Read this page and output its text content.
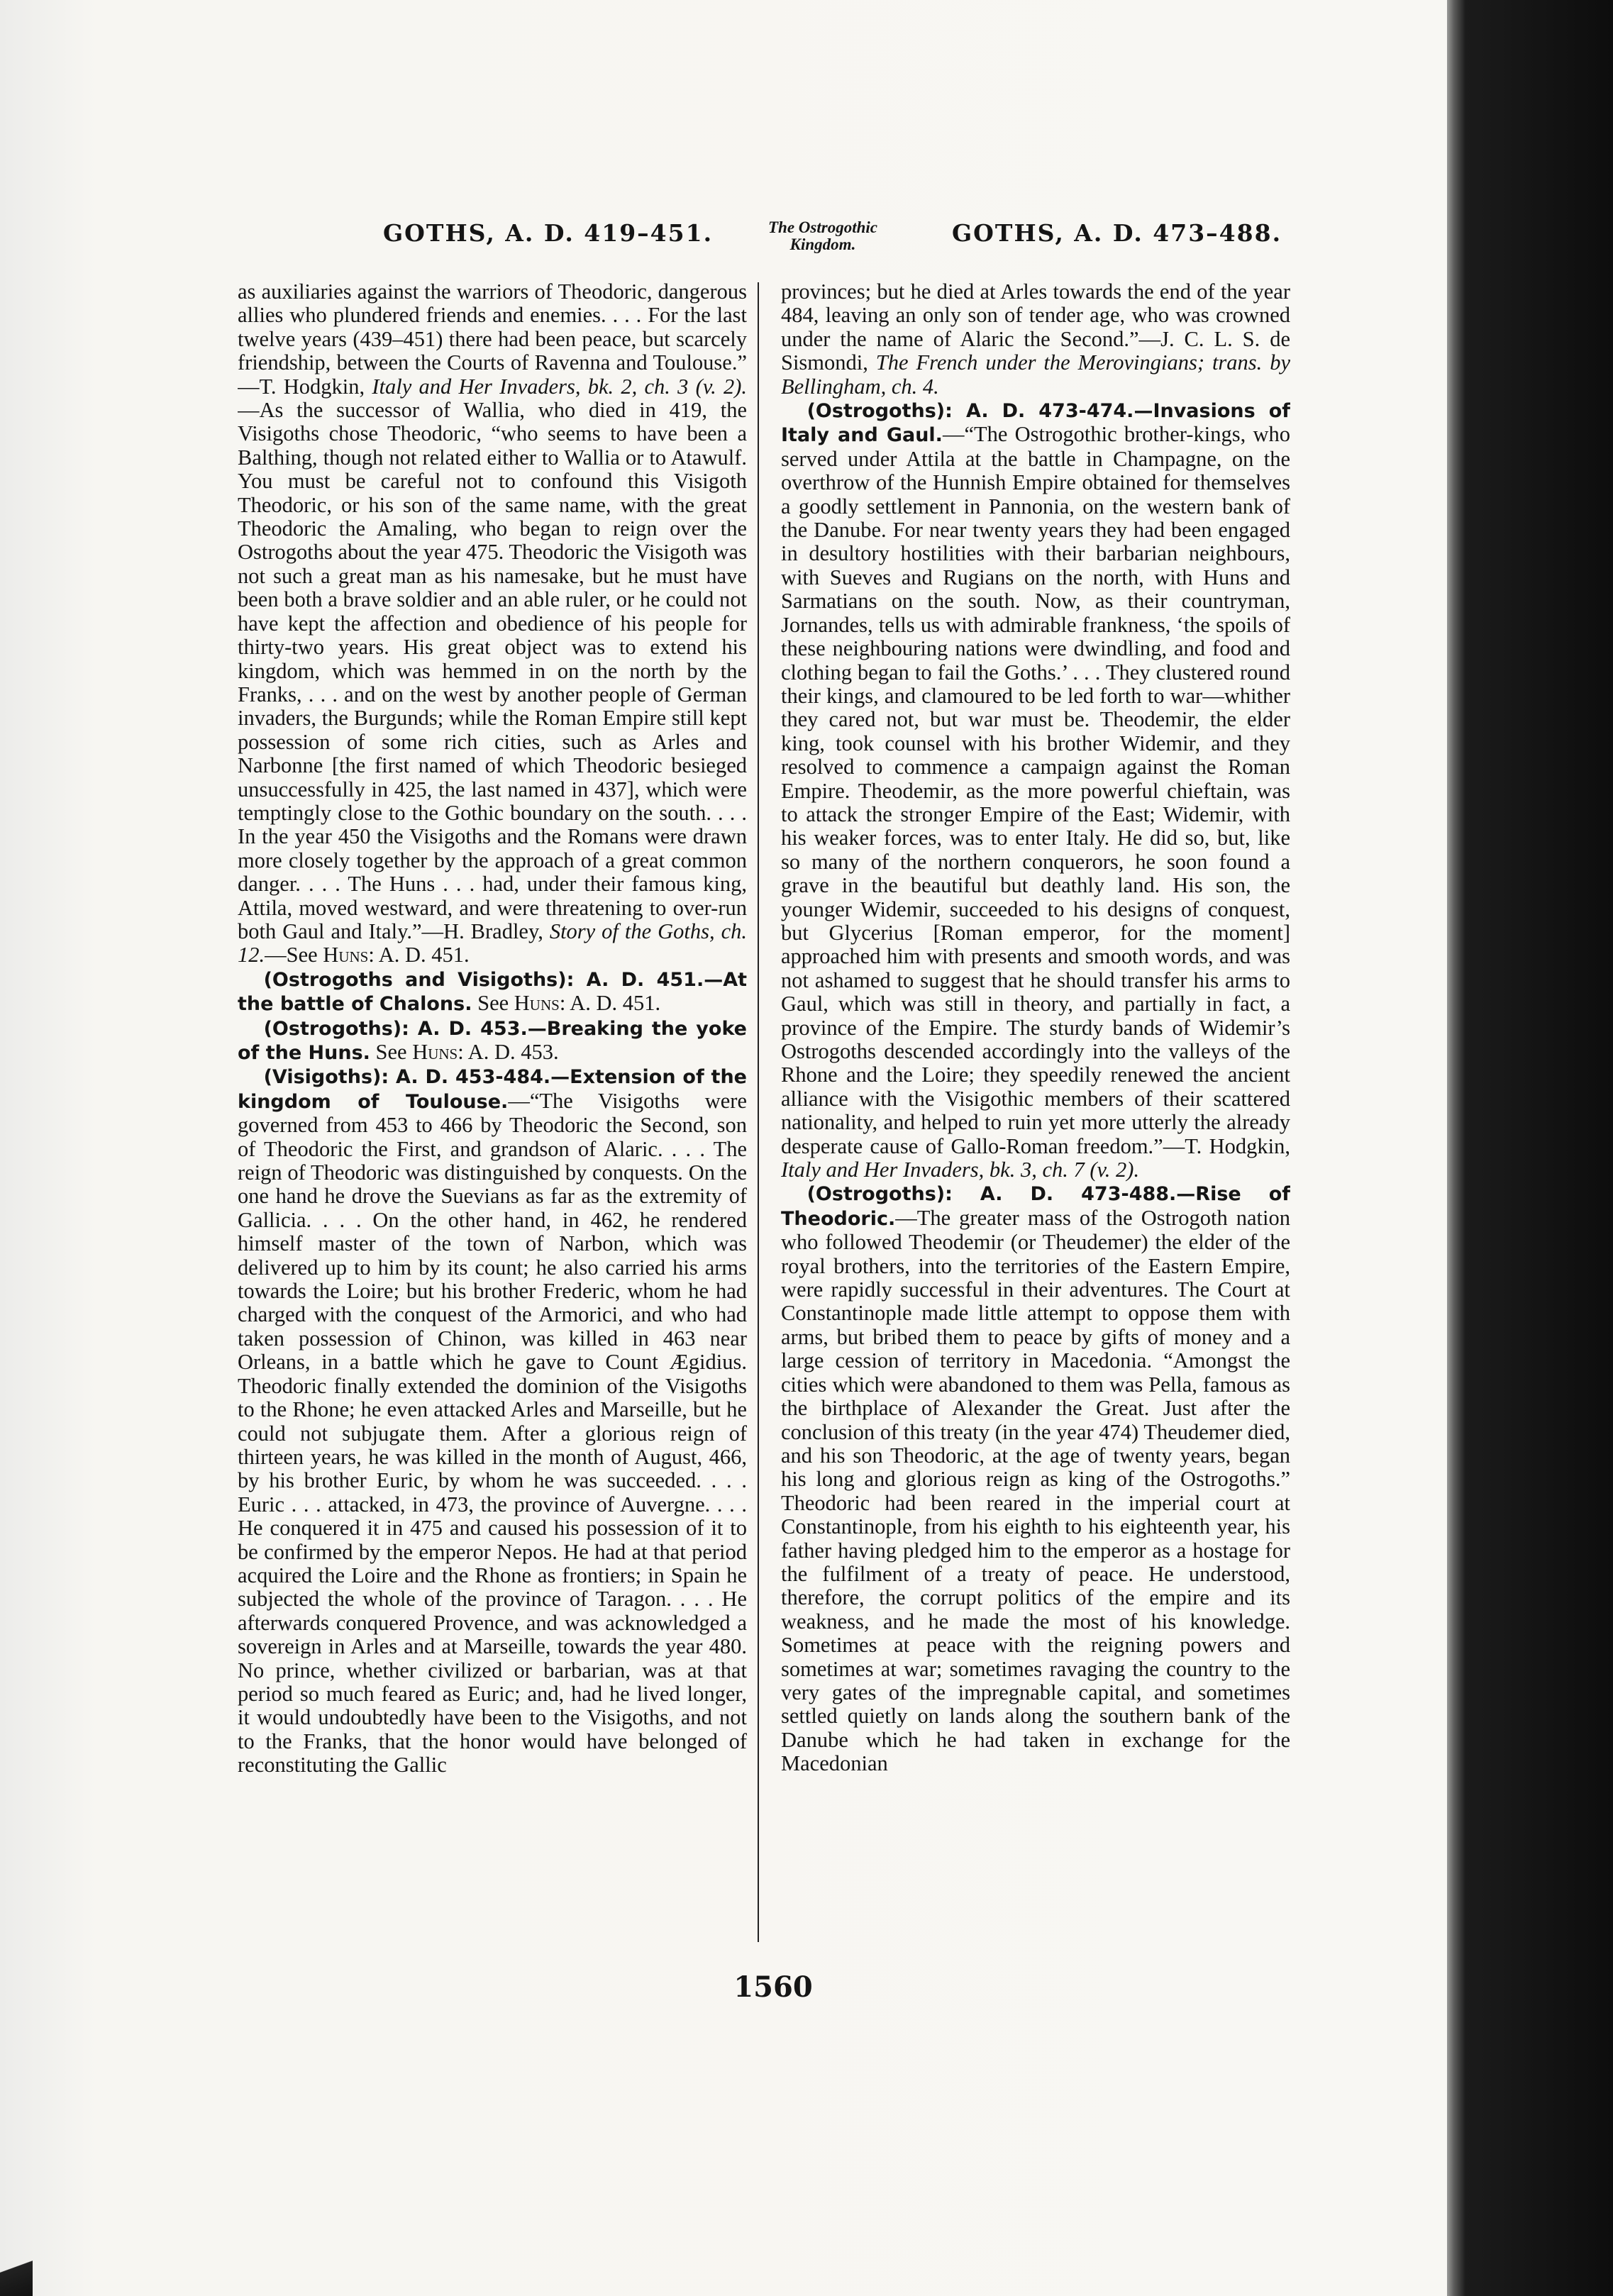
GOTHS, A. D. 419–451.	The Ostrogothic
Kingdom.	GOTHS, A. D. 473–488.

as auxiliaries against the warriors of Theodoric, dangerous allies who plundered friends and enemies. . . . For the last twelve years (439–451) there had been peace, but scarcely friendship, between the Courts of Ravenna and Toulouse.” —T. Hodgkin, Italy and Her Invaders, bk. 2, ch. 3 (v. 2).—As the successor of Wallia, who died in 419, the Visigoths chose Theodoric, “who seems to have been a Balthing, though not related either to Wallia or to Atawulf. You must be careful not to confound this Visigoth Theodoric, or his son of the same name, with the great Theodoric the Amaling, who began to reign over the Ostrogoths about the year 475. Theodoric the Visigoth was not such a great man as his namesake, but he must have been both a brave soldier and an able ruler, or he could not have kept the affection and obedience of his people for thirty-two years. His great object was to extend his kingdom, which was hemmed in on the north by the Franks, . . . and on the west by another people of German invaders, the Burgunds; while the Roman Empire still kept possession of some rich cities, such as Arles and Narbonne [the first named of which Theodoric besieged unsuccessfully in 425, the last named in 437], which were temptingly close to the Gothic boundary on the south. . . . In the year 450 the Visigoths and the Romans were drawn more closely together by the approach of a great common danger. . . . The Huns . . . had, under their famous king, Attila, moved westward, and were threatening to over-run both Gaul and Italy.”—H. Bradley, Story of the Goths, ch. 12.—See Huns: A. D. 451.

(Ostrogoths and Visigoths): A. D. 451.—At the battle of Chalons. See Huns: A. D. 451.

(Ostrogoths): A. D. 453.—Breaking the yoke of the Huns. See Huns: A. D. 453.

(Visigoths): A. D. 453-484.—Extension of the kingdom of Toulouse.—“The Visigoths were governed from 453 to 466 by Theodoric the Second, son of Theodoric the First, and grandson of Alaric. . . . The reign of Theodoric was distinguished by conquests. On the one hand he drove the Suevians as far as the extremity of Gallicia. . . . On the other hand, in 462, he rendered himself master of the town of Narbon, which was delivered up to him by its count; he also carried his arms towards the Loire; but his brother Frederic, whom he had charged with the conquest of the Armorici, and who had taken possession of Chinon, was killed in 463 near Orleans, in a battle which he gave to Count Ægidius. Theodoric finally extended the dominion of the Visigoths to the Rhone; he even attacked Arles and Marseille, but he could not subjugate them. After a glorious reign of thirteen years, he was killed in the month of August, 466, by his brother Euric, by whom he was succeeded. . . . Euric . . . attacked, in 473, the province of Auvergne. . . . He conquered it in 475 and caused his possession of it to be confirmed by the emperor Nepos. He had at that period acquired the Loire and the Rhone as frontiers; in Spain he subjected the whole of the province of Taragon. . . . He afterwards conquered Provence, and was acknowledged a sovereign in Arles and at Marseille, towards the year 480. No prince, whether civilized or barbarian, was at that period so much feared as Euric; and, had he lived longer, it would undoubtedly have been to the Visigoths, and not to the Franks, that the honor would have belonged of reconstituting the Gallic

provinces; but he died at Arles towards the end of the year 484, leaving an only son of tender age, who was crowned under the name of Alaric the Second.”—J. C. L. S. de Sismondi, The French under the Merovingians; trans. by Bellingham, ch. 4.

(Ostrogoths): A. D. 473-474.—Invasions of Italy and Gaul.—“The Ostrogothic brother-kings, who served under Attila at the battle in Champagne, on the overthrow of the Hunnish Empire obtained for themselves a goodly settlement in Pannonia, on the western bank of the Danube. For near twenty years they had been engaged in desultory hostilities with their barbarian neighbours, with Sueves and Rugians on the north, with Huns and Sarmatians on the south. Now, as their countryman, Jornandes, tells us with admirable frankness, ‘the spoils of these neighbouring nations were dwindling, and food and clothing began to fail the Goths.’ . . . They clustered round their kings, and clamoured to be led forth to war—whither they cared not, but war must be. Theodemir, the elder king, took counsel with his brother Widemir, and they resolved to commence a campaign against the Roman Empire. Theodemir, as the more powerful chieftain, was to attack the stronger Empire of the East; Widemir, with his weaker forces, was to enter Italy. He did so, but, like so many of the northern conquerors, he soon found a grave in the beautiful but deathly land. His son, the younger Widemir, succeeded to his designs of conquest, but Glycerius [Roman emperor, for the moment] approached him with presents and smooth words, and was not ashamed to suggest that he should transfer his arms to Gaul, which was still in theory, and partially in fact, a province of the Empire. The sturdy bands of Widemir’s Ostrogoths descended accordingly into the valleys of the Rhone and the Loire; they speedily renewed the ancient alliance with the Visigothic members of their scattered nationality, and helped to ruin yet more utterly the already desperate cause of Gallo-Roman freedom.”—T. Hodgkin, Italy and Her Invaders, bk. 3, ch. 7 (v. 2).

(Ostrogoths): A. D. 473-488.—Rise of Theodoric.—The greater mass of the Ostrogoth nation who followed Theodemir (or Theudemer) the elder of the royal brothers, into the territories of the Eastern Empire, were rapidly successful in their adventures. The Court at Constantinople made little attempt to oppose them with arms, but bribed them to peace by gifts of money and a large cession of territory in Macedonia. “Amongst the cities which were abandoned to them was Pella, famous as the birthplace of Alexander the Great. Just after the conclusion of this treaty (in the year 474) Theudemer died, and his son Theodoric, at the age of twenty years, began his long and glorious reign as king of the Ostrogoths.” Theodoric had been reared in the imperial court at Constantinople, from his eighth to his eighteenth year, his father having pledged him to the emperor as a hostage for the fulfilment of a treaty of peace. He understood, therefore, the corrupt politics of the empire and its weakness, and he made the most of his knowledge. Sometimes at peace with the reigning powers and sometimes at war; sometimes ravaging the country to the very gates of the impregnable capital, and sometimes settled quietly on lands along the southern bank of the Danube which he had taken in exchange for the Macedonian

1560
